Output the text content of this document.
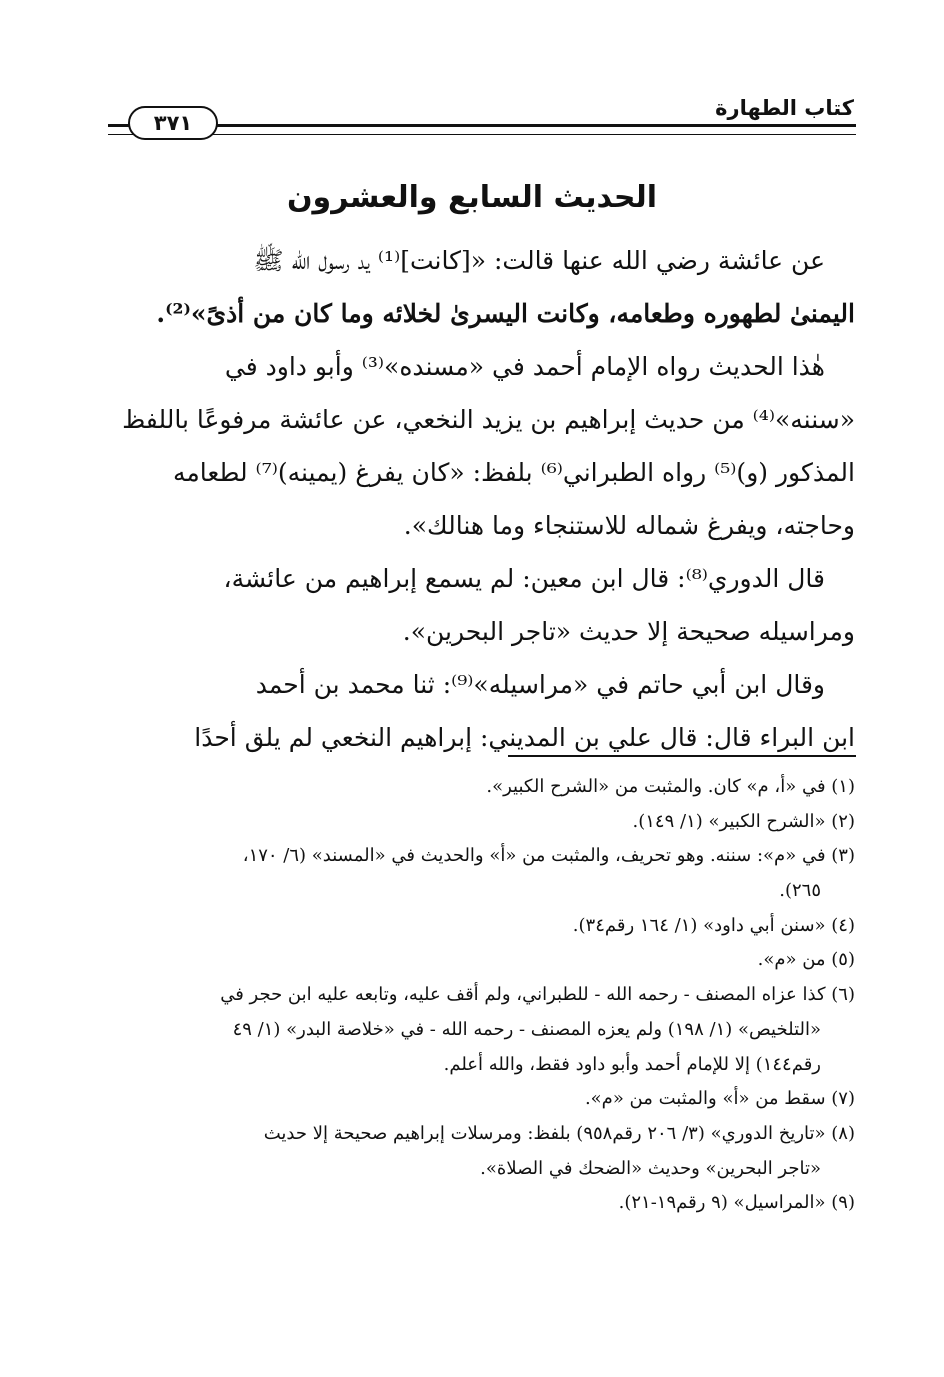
كتاب الطهارة
٣٧١
الحديث السابع والعشرون
عن عائشة رضي الله عنها قالت: «[كانت]⁽¹⁾ يد رسول الله ﷺ
اليمنىٰ لطهوره وطعامه، وكانت اليسرىٰ لخلائه وما كان من أذىً»⁽²⁾.
هٰذا الحديث رواه الإمام أحمد في «مسنده»⁽³⁾ وأبو داود في
«سننه»⁽⁴⁾ من حديث إبراهيم بن يزيد النخعي، عن عائشة مرفوعًا باللفظ
المذكور (و)⁽⁵⁾ رواه الطبراني⁽⁶⁾ بلفظ: «كان يفرغ (يمينه)⁽⁷⁾ لطعامه
وحاجته، ويفرغ شماله للاستنجاء وما هنالك».
قال الدوري⁽⁸⁾: قال ابن معين: لم يسمع إبراهيم من عائشة،
ومراسيله صحيحة إلا حديث «تاجر البحرين».
وقال ابن أبي حاتم في «مراسيله»⁽⁹⁾: ثنا محمد بن أحمد
ابن البراء قال: قال علي بن المديني: إبراهيم النخعي لم يلق أحدًا
(١) في «أ، م» كان. والمثبت من «الشرح الكبير».
(٢) «الشرح الكبير» (١/ ١٤٩).
(٣) في «م»: سننه. وهو تحريف، والمثبت من «أ» والحديث في «المسند» (٦/ ١٧٠،
٢٦٥).
(٤) «سنن أبي داود» (١/ ١٦٤ رقم٣٤).
(٥) من «م».
(٦) كذا عزاه المصنف - رحمه الله - للطبراني، ولم أقف عليه، وتابعه عليه ابن حجر في
«التلخيص» (١/ ١٩٨) ولم يعزه المصنف - رحمه الله - في «خلاصة البدر» (١/ ٤٩
رقم١٤٤) إلا للإمام أحمد وأبو داود فقط، والله أعلم.
(٧) سقط من «أ» والمثبت من «م».
(٨) «تاريخ الدوري» (٣/ ٢٠٦ رقم٩٥٨) بلفظ: ومرسلات إبراهيم صحيحة إلا حديث
«تاجر البحرين» وحديث «الضحك في الصلاة».
(٩) «المراسيل» (٩ رقم١٩-٢١).
